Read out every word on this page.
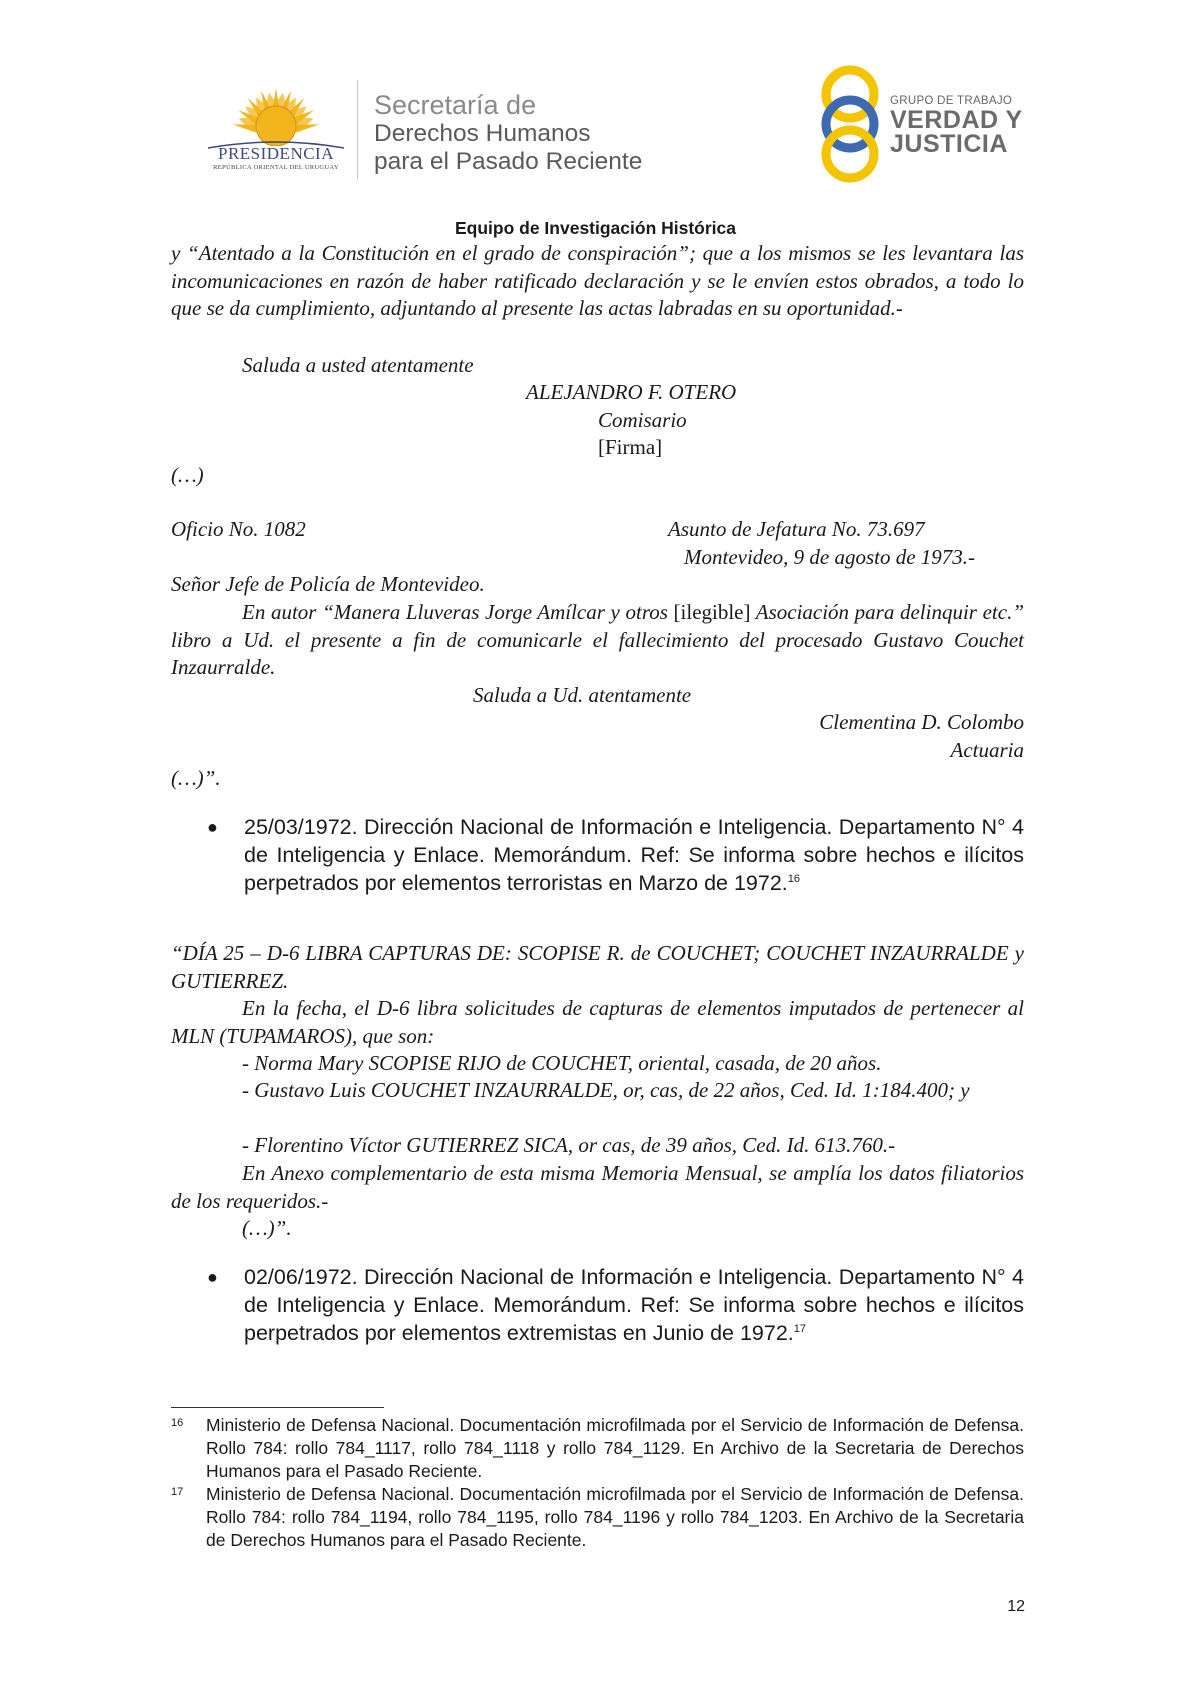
PRESIDENCIA
REPÚBLICA ORIENTAL DEL URUGUAY
Secretaría de
Derechos Humanos
para el Pasado Reciente
GRUPO DE TRABAJO
VERDAD Y
JUSTICIA
Equipo de Investigación Histórica
y “Atentado a la Constitución en el grado de conspiración”; que a los mismos se les levantara las incomunicaciones en razón de haber ratificado declaración y se le envíen estos obrados, a todo lo que se da cumplimiento, adjuntando al presente las actas labradas en su oportunidad.-
Saluda a usted atentamente
ALEJANDRO F. OTERO
Comisario
[Firma]
(…)
Oficio No. 1082	Asunto de Jefatura No. 73.697
Montevideo, 9 de agosto de 1973.-
Señor Jefe de Policía de Montevideo.
En autor “Manera Lluveras Jorge Amílcar y otros [ilegible] Asociación para delinquir etc.” libro a Ud. el presente a fin de comunicarle el fallecimiento del procesado Gustavo Couchet Inzaurralde.
Saluda a Ud. atentamente
Clementina D. Colombo
Actuaria
(…)”.
● 25/03/1972. Dirección Nacional de Información e Inteligencia. Departamento N° 4 de Inteligencia y Enlace. Memorándum. Ref: Se informa sobre hechos e ilícitos perpetrados por elementos terroristas en Marzo de 1972.16
“DÍA 25 – D-6 LIBRA CAPTURAS DE: SCOPISE R. de COUCHET; COUCHET INZAURRALDE y GUTIERREZ.
En la fecha, el D-6 libra solicitudes de capturas de elementos imputados de pertenecer al MLN (TUPAMAROS), que son:
- Norma Mary SCOPISE RIJO de COUCHET, oriental, casada, de 20 años.
- Gustavo Luis COUCHET INZAURRALDE, or, cas, de 22 años, Ced. Id. 1:184.400; y
- Florentino Víctor GUTIERREZ SICA, or cas, de 39 años, Ced. Id. 613.760.-
En Anexo complementario de esta misma Memoria Mensual, se amplía los datos filiatorios de los requeridos.-
(…)”.
● 02/06/1972. Dirección Nacional de Información e Inteligencia. Departamento N° 4 de Inteligencia y Enlace. Memorándum. Ref: Se informa sobre hechos e ilícitos perpetrados por elementos extremistas en Junio de 1972.17
16 Ministerio de Defensa Nacional. Documentación microfilmada por el Servicio de Información de Defensa. Rollo 784: rollo 784_1117, rollo 784_1118 y rollo 784_1129. En Archivo de la Secretaria de Derechos Humanos para el Pasado Reciente.
17 Ministerio de Defensa Nacional. Documentación microfilmada por el Servicio de Información de Defensa. Rollo 784: rollo 784_1194, rollo 784_1195, rollo 784_1196 y rollo 784_1203. En Archivo de la Secretaria de Derechos Humanos para el Pasado Reciente.
12
